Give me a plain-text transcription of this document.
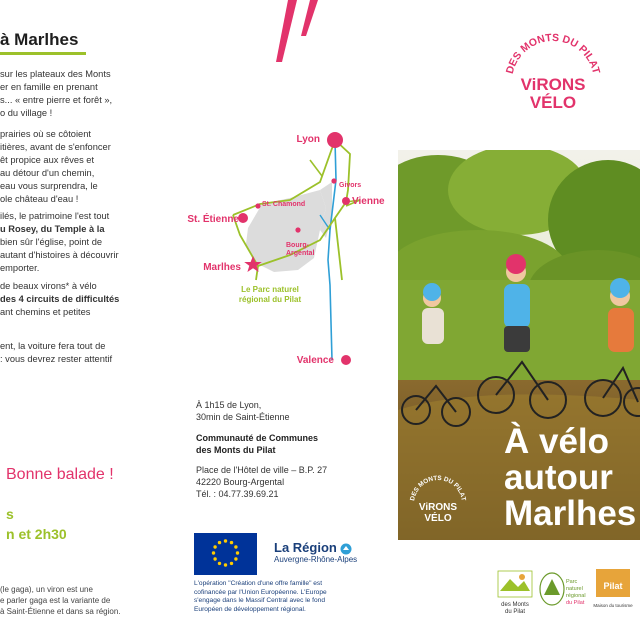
à Marlhes
sur les plateaux des Monts
er en famille en prenant
s... « entre pierre et forêt »,
o du village !
prairies où se côtoient
itières, avant de s'enfoncer
êt propice aux rêves et
au détour d'un chemin,
eau vous surprendra, le
ole château d'eau !
ilés, le patrimoine l'est tout
u Rosey, du Temple à la
bien sûr l'église, point de
autant d'histoires à découvrir
emporter.
de beaux virons* à vélo
des 4 circuits de difficultés
ant chemins et petites
ent, la voiture fera tout de
: vous devrez rester attentif
Bonne balade !
s
n et 2h30
(le gaga), un viron est une
e parler gaga est la variante de
à Saint-Étienne et dans sa région.
Lyon
St. Étienne
Marlhes
Vienne
Valence
Givors
St. Chamond
Bourg-
Argental
Le Parc naturel
régional du Pilat
À 1h15 de Lyon,
30min de Saint-Étienne
Communauté de Communes
des Monts du Pilat
Place de l'Hôtel de ville – B.P. 27
42220 Bourg-Argental
Tél. : 04.77.39.69.21
La Région
Auvergne-Rhône-Alpes
L'opération "Création d'une offre famille" est
cofinancée par l'Union Européenne. L'Europe
s'engage dans le Massif Central avec le fond
Européen de développement régional.
DES MONTS DU PILAT
ViRONS
VÉLO
DES MONTS DU PILAT
ViRONS
VÉLO
À vélo
autour
Marlhes
des Monts
du Pilat
Parc
naturel
régional
du Pilat
Pilat
Maison du tourisme
